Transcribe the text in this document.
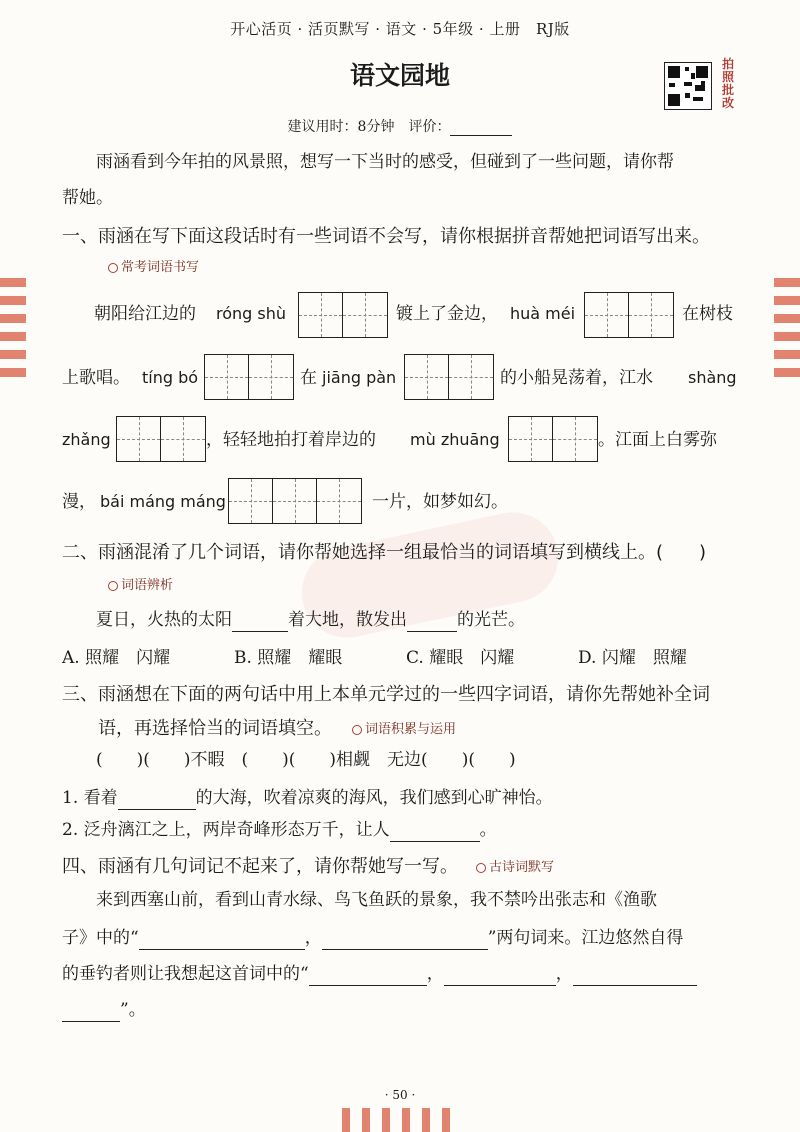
开心活页 · 活页默写 · 语文 · 5年级 · 上册　RJ版
语文园地	拍
照
批
改
建议用时：8分钟　评价：
雨涵看到今年拍的风景照，想写一下当时的感受，但碰到了一些问题，请你帮
帮她。
一、雨涵在写下面这段话时有一些词语不会写，请你根据拼音帮她把词语写出来。
常考词语书写
朝阳给江边的 róng shù	镀上了金边， huà méi	在树枝
上歌唱。 tíng bó	在 jiāng pàn	的小船晃荡着，江水 shàng
zhǎng	，轻轻地拍打着岸边的 mù zhuāng	。江面上白雾弥
漫， bái máng máng	一片，如梦如幻。
二、雨涵混淆了几个词语，请你帮她选择一组最恰当的词语填写到横线上。(　　)
词语辨析
夏日，火热的太阳	着大地，散发出	的光芒。
A. 照耀　闪耀	B. 照耀　耀眼	C. 耀眼　闪耀	D. 闪耀　照耀
三、雨涵想在下面的两句话中用上本单元学过的一些四字词语，请你先帮她补全词
语，再选择恰当的词语填空。	词语积累与运用
(　　)(　　)不暇　(　　)(　　)相觑　无边(　　)(　　)
1. 看着	的大海，吹着凉爽的海风，我们感到心旷神怡。
2. 泛舟漓江之上，两岸奇峰形态万千，让人	。
四、雨涵有几句词记不起来了，请你帮她写一写。	古诗词默写
来到西塞山前，看到山青水绿、鸟飞鱼跃的景象，我不禁吟出张志和《渔歌
子》中的“	，	”两句词来。江边悠然自得
的垂钓者则让我想起这首词中的“	，	，
”。
· 50 ·
